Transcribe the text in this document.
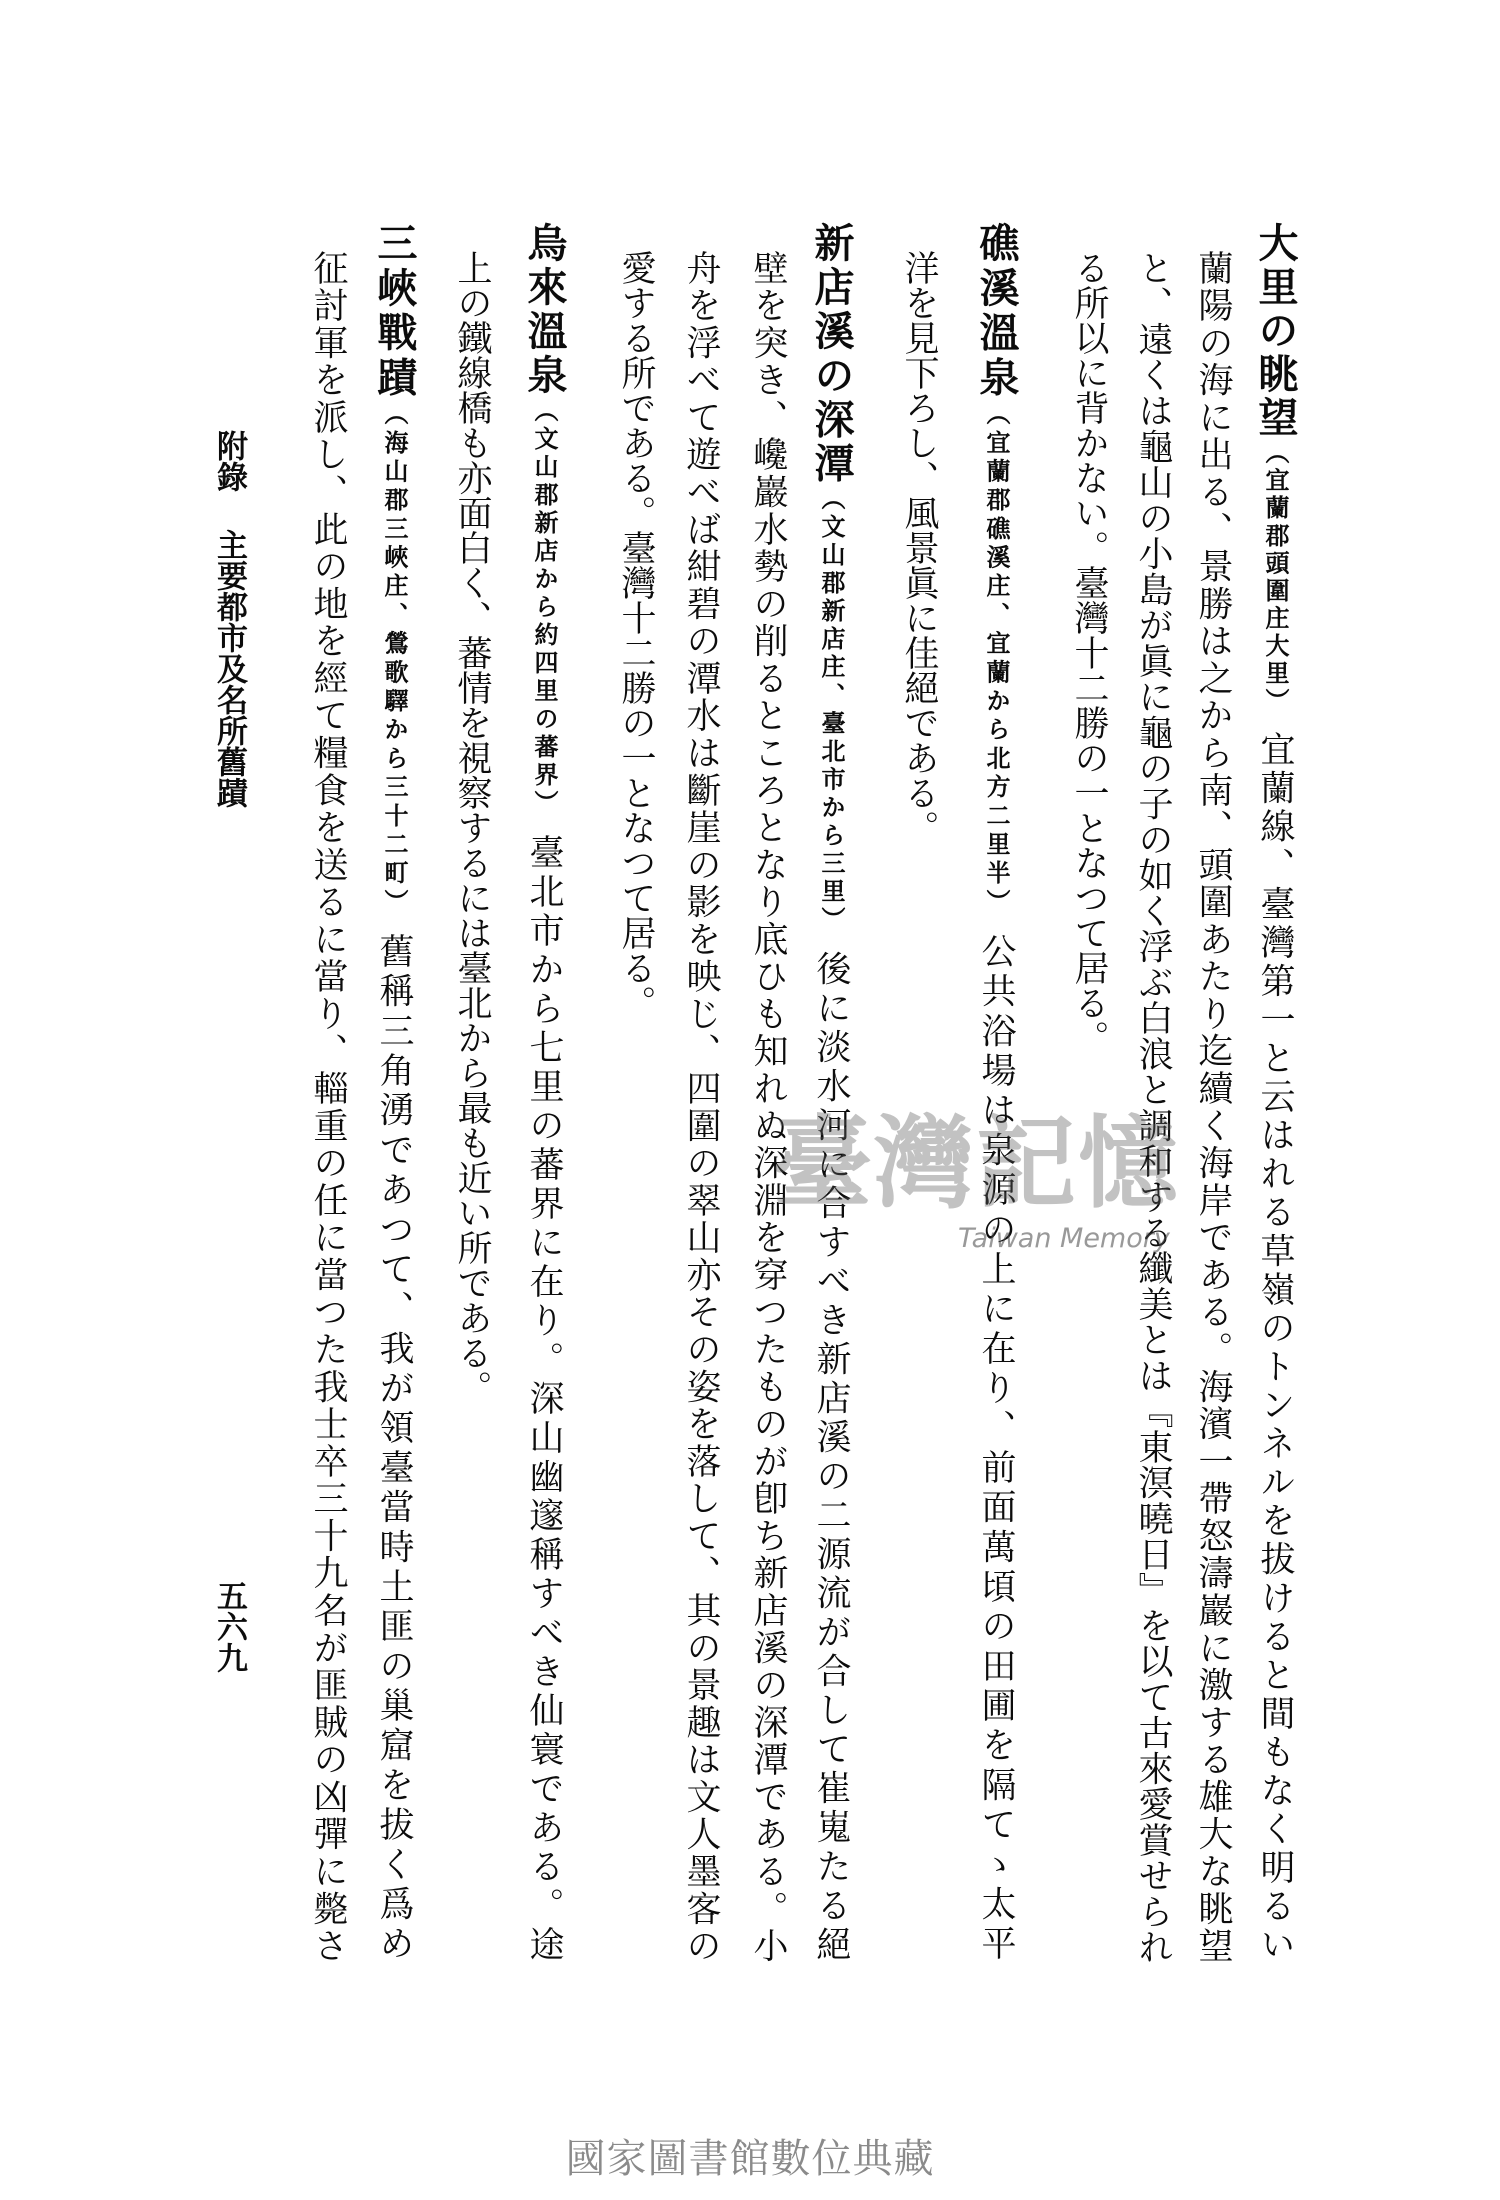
大里の眺望（宜蘭郡頭圍庄大里）宜蘭線、臺灣第一と云はれる草嶺のトンネルを拔けると間もなく明るい
蘭陽の海に出る、景勝は之から南、頭圍あたり迄續く海岸である。海濱一帶怒濤巖に激する雄大な眺望
と、遠くは龜山の小島が眞に龜の子の如く浮ぶ白浪と調和する纖美とは『東溟曉日』を以て古來愛賞せられ
る所以に背かない。臺灣十二勝の一となつて居る。
礁溪溫泉（宜蘭郡礁溪庄、宜蘭から北方二里半）公共浴場は泉源の上に在り、前面萬頃の田圃を隔てゝ太平
洋を見下ろし、風景眞に佳絕である。
新店溪の深潭（文山郡新店庄、臺北市から三里）後に淡水河に合すべき新店溪の二源流が合して崔嵬たる絕
壁を突き、巉巖水勢の削るところとなり底ひも知れぬ深淵を穿つたものが卽ち新店溪の深潭である。小
舟を浮べて遊べば紺碧の潭水は斷崖の影を映じ、四圍の翠山亦その姿を落して、其の景趣は文人墨客の
愛する所である。臺灣十二勝の一となつて居る。
烏來溫泉（文山郡新店から約四里の蕃界）臺北市から七里の蕃界に在り。深山幽邃稱すべき仙寰である。途
上の鐵線橋も亦面白く、蕃情を視察するには臺北から最も近い所である。
三峽戰蹟（海山郡三峽庄、鶯歌驛から三十二町）舊稱三角湧であつて、我が領臺當時土匪の巢窟を拔く爲め
征討軍を派し、此の地を經て糧食を送るに當り、輜重の任に當つた我士卒三十九名が匪賊の凶彈に斃さ
附錄
主要都市及名所舊蹟
五六九
臺灣記憶
Taiwan Memory
國家圖書館數位典藏
